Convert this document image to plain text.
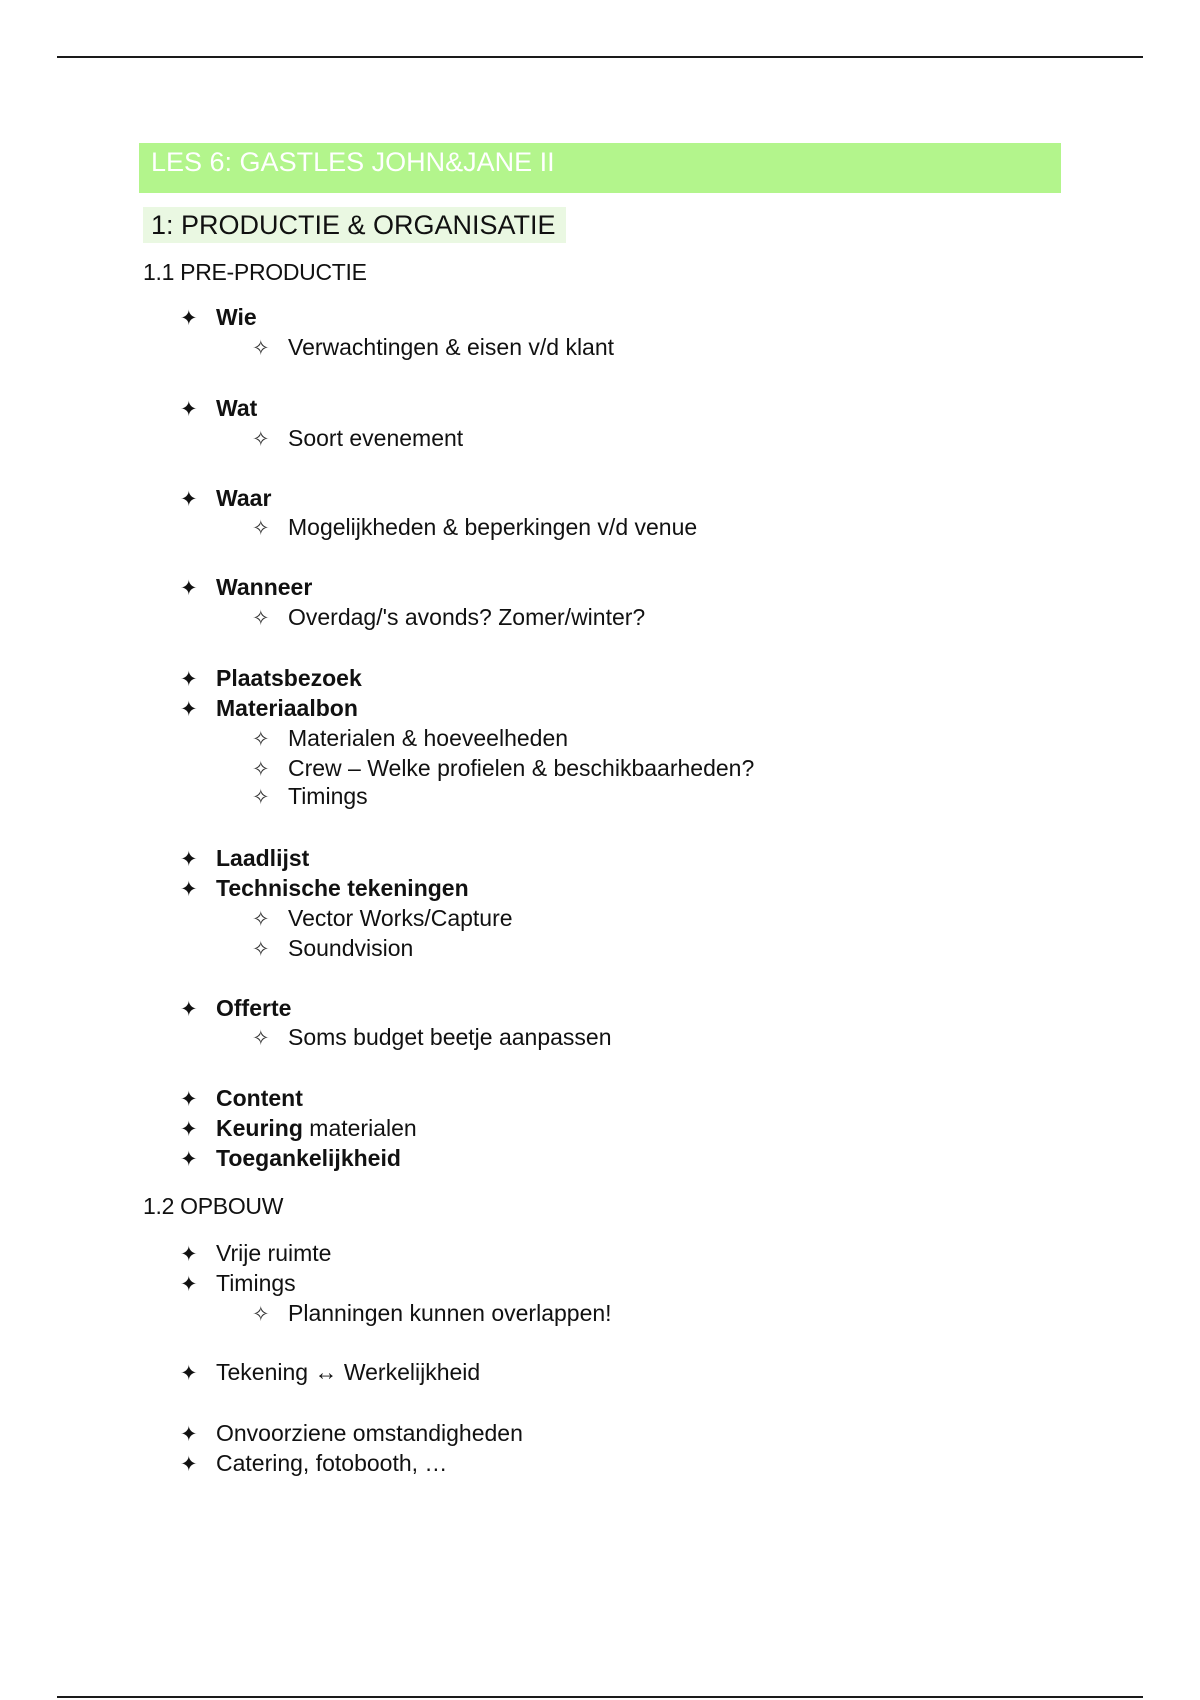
LES 6: GASTLES JOHN&JANE II
1: PRODUCTIE & ORGANISATIE
1.1 PRE-PRODUCTIE
1.2 OPBOUW
✦ Wie
✧ Verwachtingen & eisen v/d klant
✦ Wat
✧ Soort evenement
✦ Waar
✧ Mogelijkheden & beperkingen v/d venue
✦ Wanneer
✧ Overdag/'s avonds? Zomer/winter?
✦ Plaatsbezoek
✦ Materiaalbon
✧ Materialen & hoeveelheden
✧ Crew – Welke profielen & beschikbaarheden?
✧ Timings
✦ Laadlijst
✦ Technische tekeningen
✧ Vector Works/Capture
✧ Soundvision
✦ Offerte
✧ Soms budget beetje aanpassen
✦ Content
✦ Keuring materialen
✦ Toegankelijkheid
✦ Vrije ruimte
✦ Timings
✧ Planningen kunnen overlappen!
✦ Tekening ↔ Werkelijkheid
✦ Onvoorziene omstandigheden
✦ Catering, fotobooth, …
